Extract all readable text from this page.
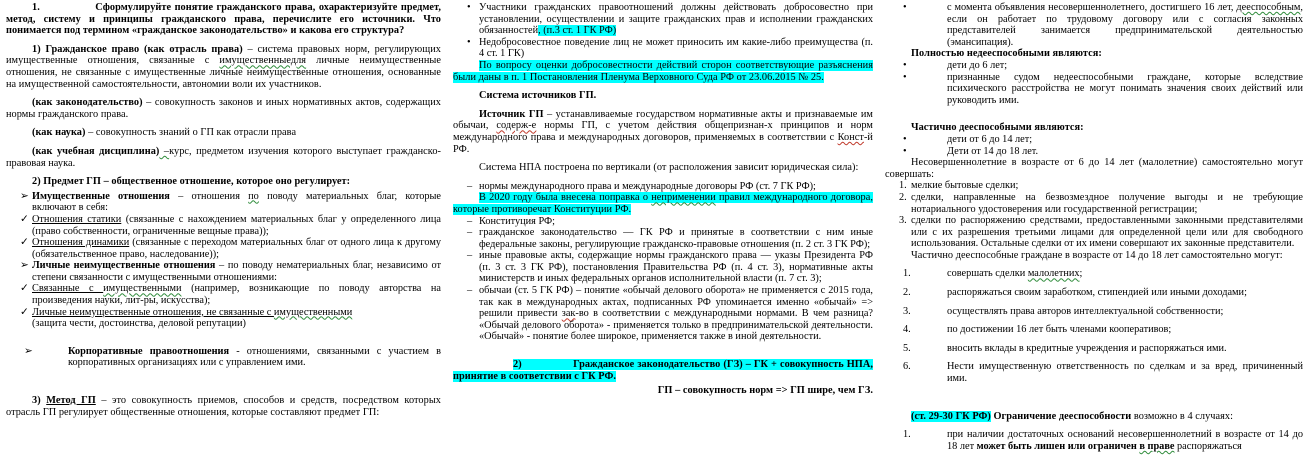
1.	Сформулируйте понятие гражданского права, охарактеризуйте предмет, метод, систему и принципы гражданского права, перечислите его источники. Что понимается под термином «гражданское законодательство» и какова его структура?

1) Гражданское право (как отрасль права) – система правовых норм, регулирующих имущественные отношения, связанные с имущественныедля личные неимущественные отношения, не связанные с имущественные личные неимущественные отношения, основанные на имущественной самостоятельности, автономии воли их участников.

(как законодательство) – совокупность законов и иных нормативных актов, содержащих нормы гражданского права.

(как наука) – совокупность знаний о ГП как отрасли права

(как учебная дисциплина) –курс, предметом изучения которого выступает гражданско-правовая наука.

2) Предмет ГП – общественное отношение, которое оно регулирует:

➢ Имущественные отношения – отношения по поводу материальных благ, которые включают в себя:
✓ Отношения статики (связанные с нахождением материальных благ у определенного лица (право собственности, ограниченные вещные права));
✓ Отношения динамики (связанные с переходом материальных благ от одного лица к другому (обязательственное право, наследование));
➢ Личные неимущественные отношения – по поводу нематериальных благ, независимо от степени связанности с имущественными отношениями:
✓ Связанные с имущественными (например, возникающие по поводу авторства на произведения науки, лит-ры, искусства);
✓ Личные неимущественные отношения, не связанные с имущественными
(защита чести, достоинства, деловой репутации)
➢	Корпоративные правоотношения - отношениями, связанными с участием в корпоративных организациях или с управлением ими.

3) Метод ГП – это совокупность приемов, способов и средств, посредством которых отрасль ГП регулирует общественные отношения, которые составляют предмет ГП:

• Участники гражданских правоотношений должны действовать добросовестно при установлении, осуществлении и защите гражданских прав и исполнении гражданских обязанностей, (п.3 ст. 1 ГК РФ)
• Недобросовестное поведение лиц не может приносить им какие-либо преимущества (п. 4 ст. 1 ГК)

По вопросу оценки добросовестности действий сторон соответствующие разъяснения были даны в п. 1 Постановления Пленума Верховного Суда РФ от 23.06.2015 № 25.

Система источников ГП.

Источник ГП – устанавливаемые государством нормативные акты и признаваемые им обычаи, содерж-е нормы ГП, с учетом действия общепризнан-х принципов и норм международного права и международных договоров, применяемых в соответствии с Конст-й РФ.

Система НПА построена по вертикали (от расположения зависит юридическая сила):

– нормы международного права и международные договоры РФ (ст. 7 ГК РФ);

В 2020 году была внесена поправка о неприменении правил международного договора, которые противоречат Конституции РФ.

– Конституция РФ;
– гражданское законодательство — ГК РФ и принятые в соответствии с ним иные федеральные законы, регулирующие гражданско-правовые отношения (п. 2 ст. 3 ГК РФ);
– иные правовые акты, содержащие нормы гражданского права — указы Президента РФ (п. 3 ст. 3 ГК РФ), постановления Правительства РФ (п. 4 ст. 3), нормативные акты министерств и иных федеральных органов исполнительной власти (п. 7 ст. 3);
– обычаи (ст. 5 ГК РФ) – понятие «обычай делового оборота» не применяется с 2015 года, так как в международных актах, подписанных РФ упоминается именно «обычай» => решили привести зак-во в соответствии с международными нормами. В чем разница? «Обычай делового оборота» - применяется только в предпринимательской деятельности. «Обычай» - понятие более широкое, применяется также в иной деятельности.

2)	Гражданское законодательство (ГЗ) – ГК + совокупность НПА, принятие в соответствии с ГК РФ.

ГП – совокупность норм => ГП шире, чем ГЗ.

•	с момента объявления несовершеннолетнего, достигшего 16 лет, дееспособным, если он работает по трудовому договору или с согласия законных представителей занимается предпринимательской деятельностью (эмансипация).

Полностью недееспособными являются:

•	дети до 6 лет;
•	признанные судом недееспособными граждане, которые вследствие психического расстройства не могут понимать значения своих действий или руководить ими.

Частично дееспособными являются:

•	дети от 6 до 14 лет;
•	Дети от 14 до 18 лет.

Несовершеннолетние в возрасте от 6 до 14 лет (малолетние) самостоятельно могут совершать:

1. мелкие бытовые сделки;
2. сделки, направленные на безвозмездное получение выгоды и не требующие нотариального удостоверения или государственной регистрации;
3. сделки по распоряжению средствами, предоставленными законными представителями или с их разрешения третьими лицами для определенной цели или для свободного использования. Остальные сделки от их имени совершают их законные представители.

Частично дееспособные граждане в возрасте от 14 до 18 лет самостоятельно могут:

1.	совершать сделки малолетних;
2.	распоряжаться своим заработком, стипендией или иными доходами;
3.	осуществлять права авторов интеллектуальной собственности;
4.	по достижении 16 лет быть членами кооперативов;
5.	вносить вклады в кредитные учреждения и распоряжаться ими.
6.	Нести имущественную ответственность по сделкам и за вред, причиненный ими.

(ст. 29-30 ГК РФ) Ограничение дееспособности возможно в 4 случаях:

1.	при наличии достаточных оснований несовершеннолетний в возрасте от 14 до 18 лет может быть лишен или ограничен в праве распоряжаться
